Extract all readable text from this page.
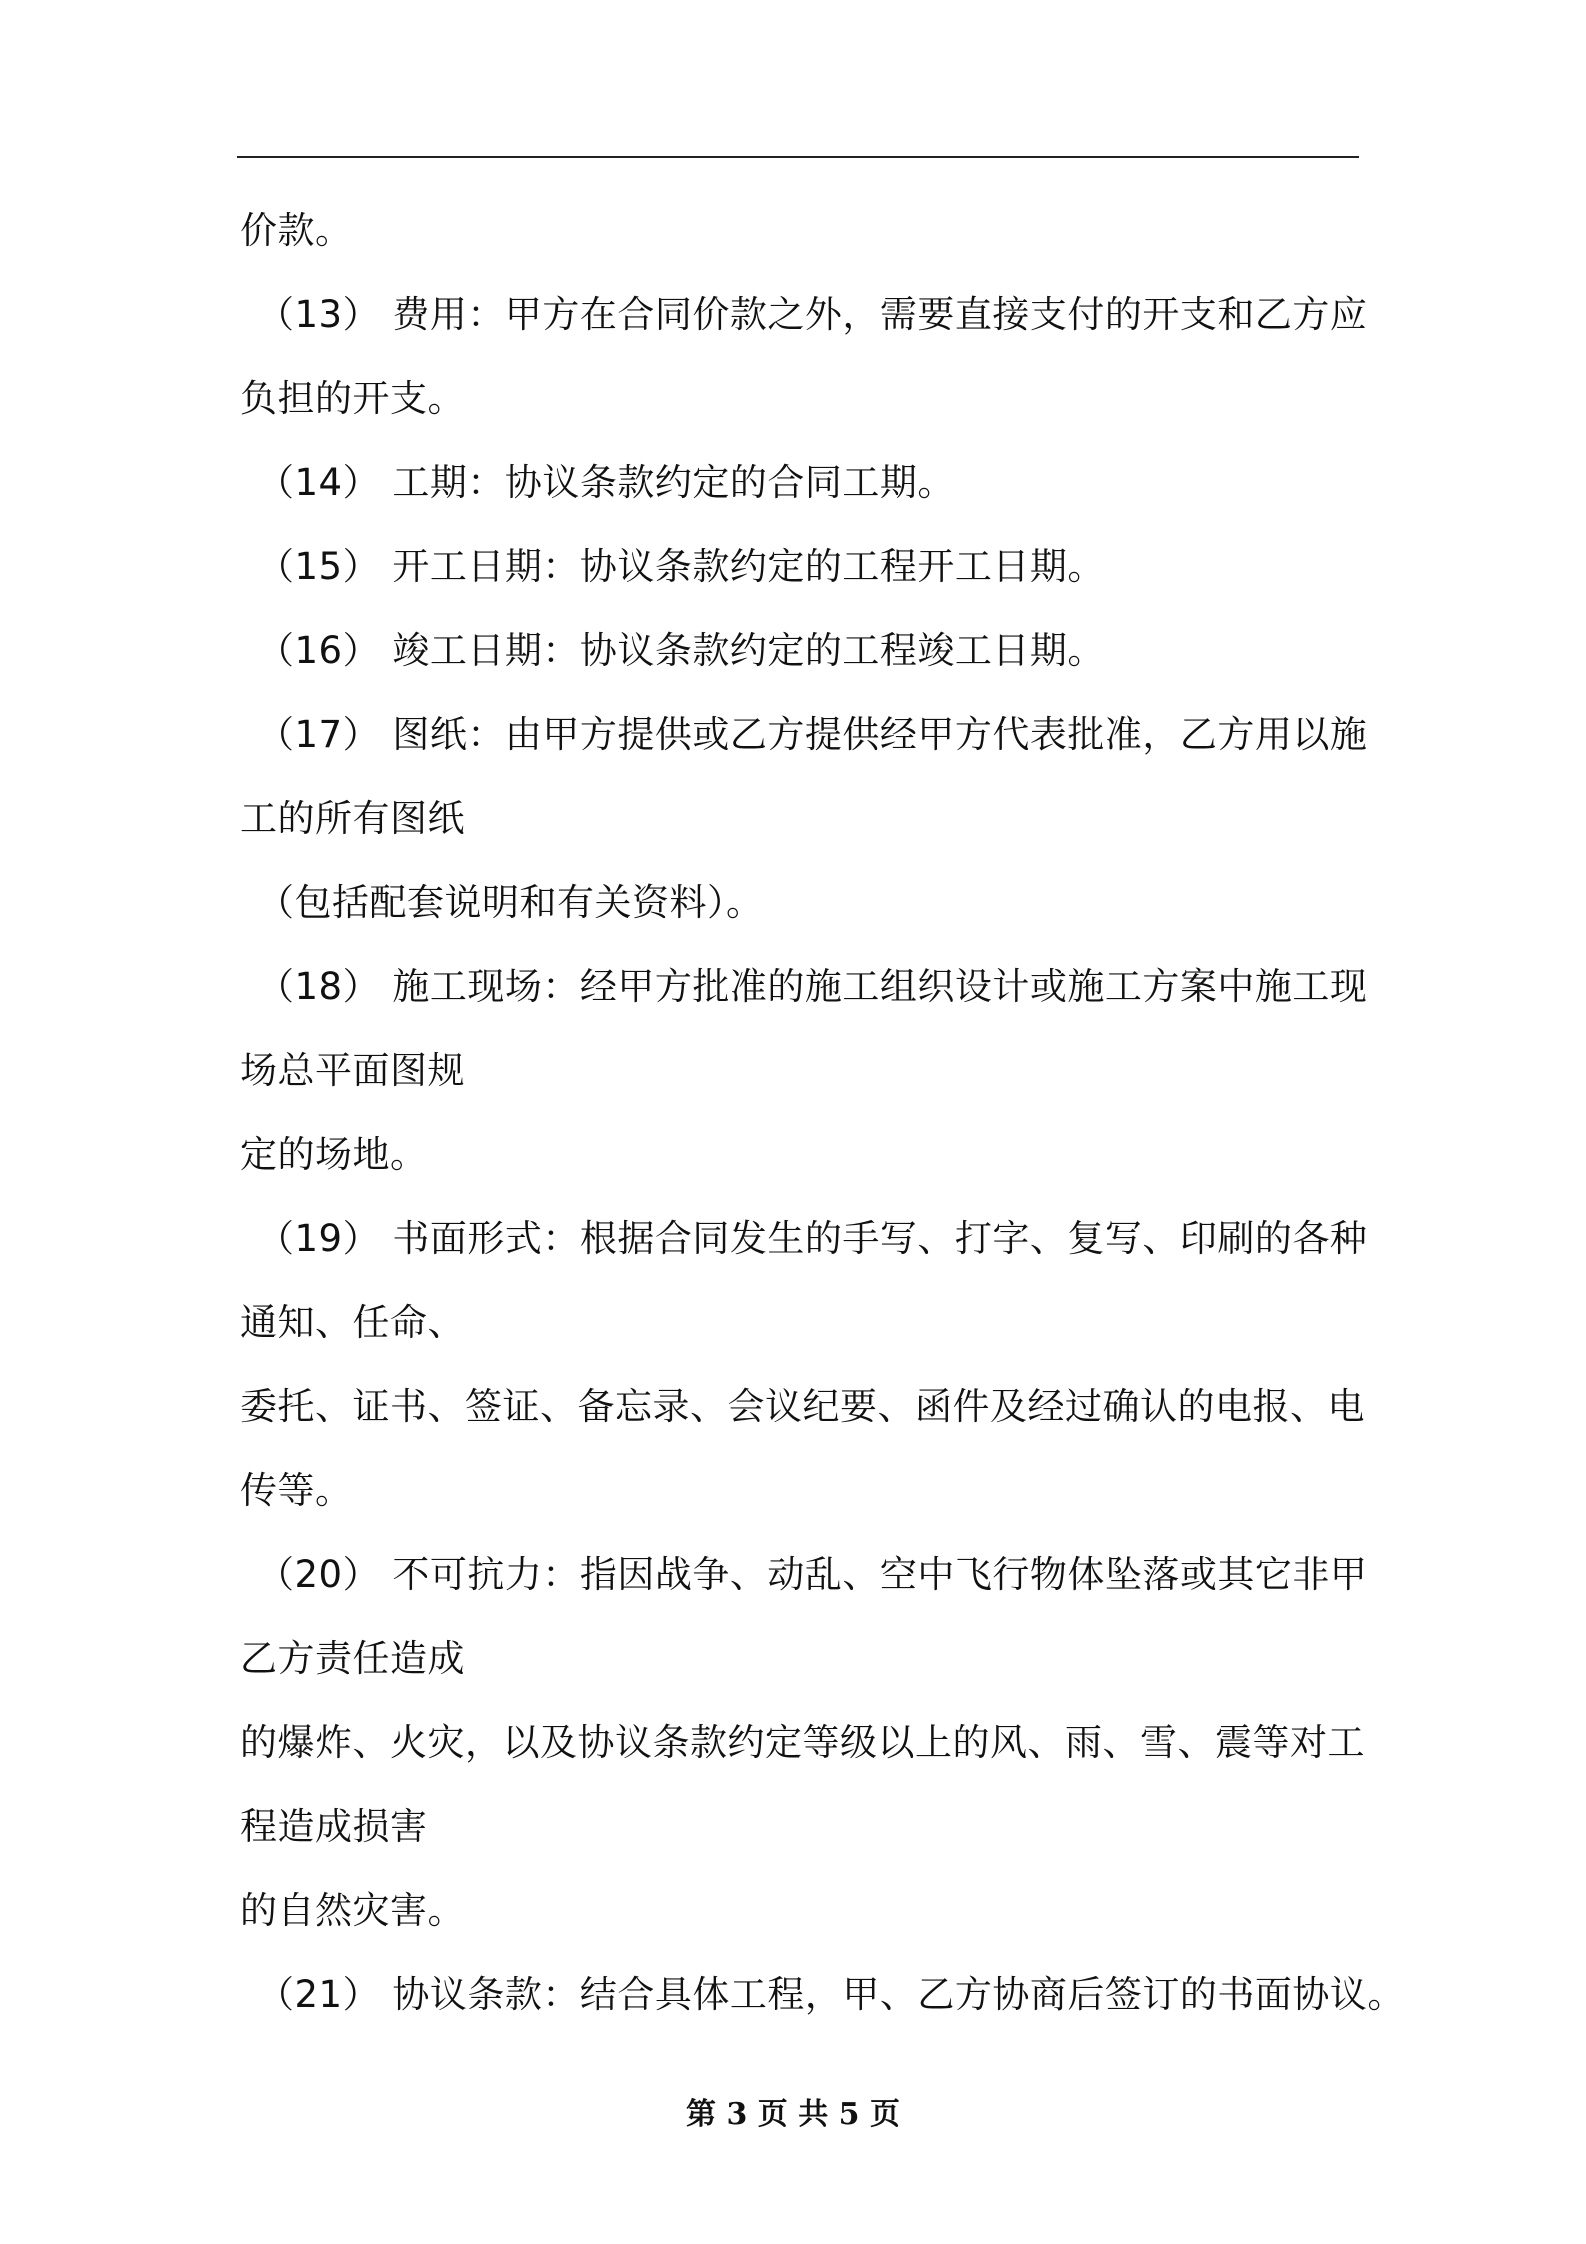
价款。
（13） 费用：甲方在合同价款之外，需要直接支付的开支和乙方应
负担的开支。
（14） 工期：协议条款约定的合同工期。
（15） 开工日期：协议条款约定的工程开工日期。
（16） 竣工日期：协议条款约定的工程竣工日期。
（17） 图纸：由甲方提供或乙方提供经甲方代表批准，乙方用以施
工的所有图纸
（包括配套说明和有关资料）。
（18） 施工现场：经甲方批准的施工组织设计或施工方案中施工现
场总平面图规
定的场地。
（19） 书面形式：根据合同发生的手写、打字、复写、印刷的各种
通知、任命、
委托、证书、签证、备忘录、会议纪要、函件及经过确认的电报、电
传等。
（20） 不可抗力：指因战争、动乱、空中飞行物体坠落或其它非甲
乙方责任造成
的爆炸、火灾，以及协议条款约定等级以上的风、雨、雪、震等对工
程造成损害
的自然灾害。
（21） 协议条款：结合具体工程，甲、乙方协商后签订的书面协议。
第 3 页 共 5 页
